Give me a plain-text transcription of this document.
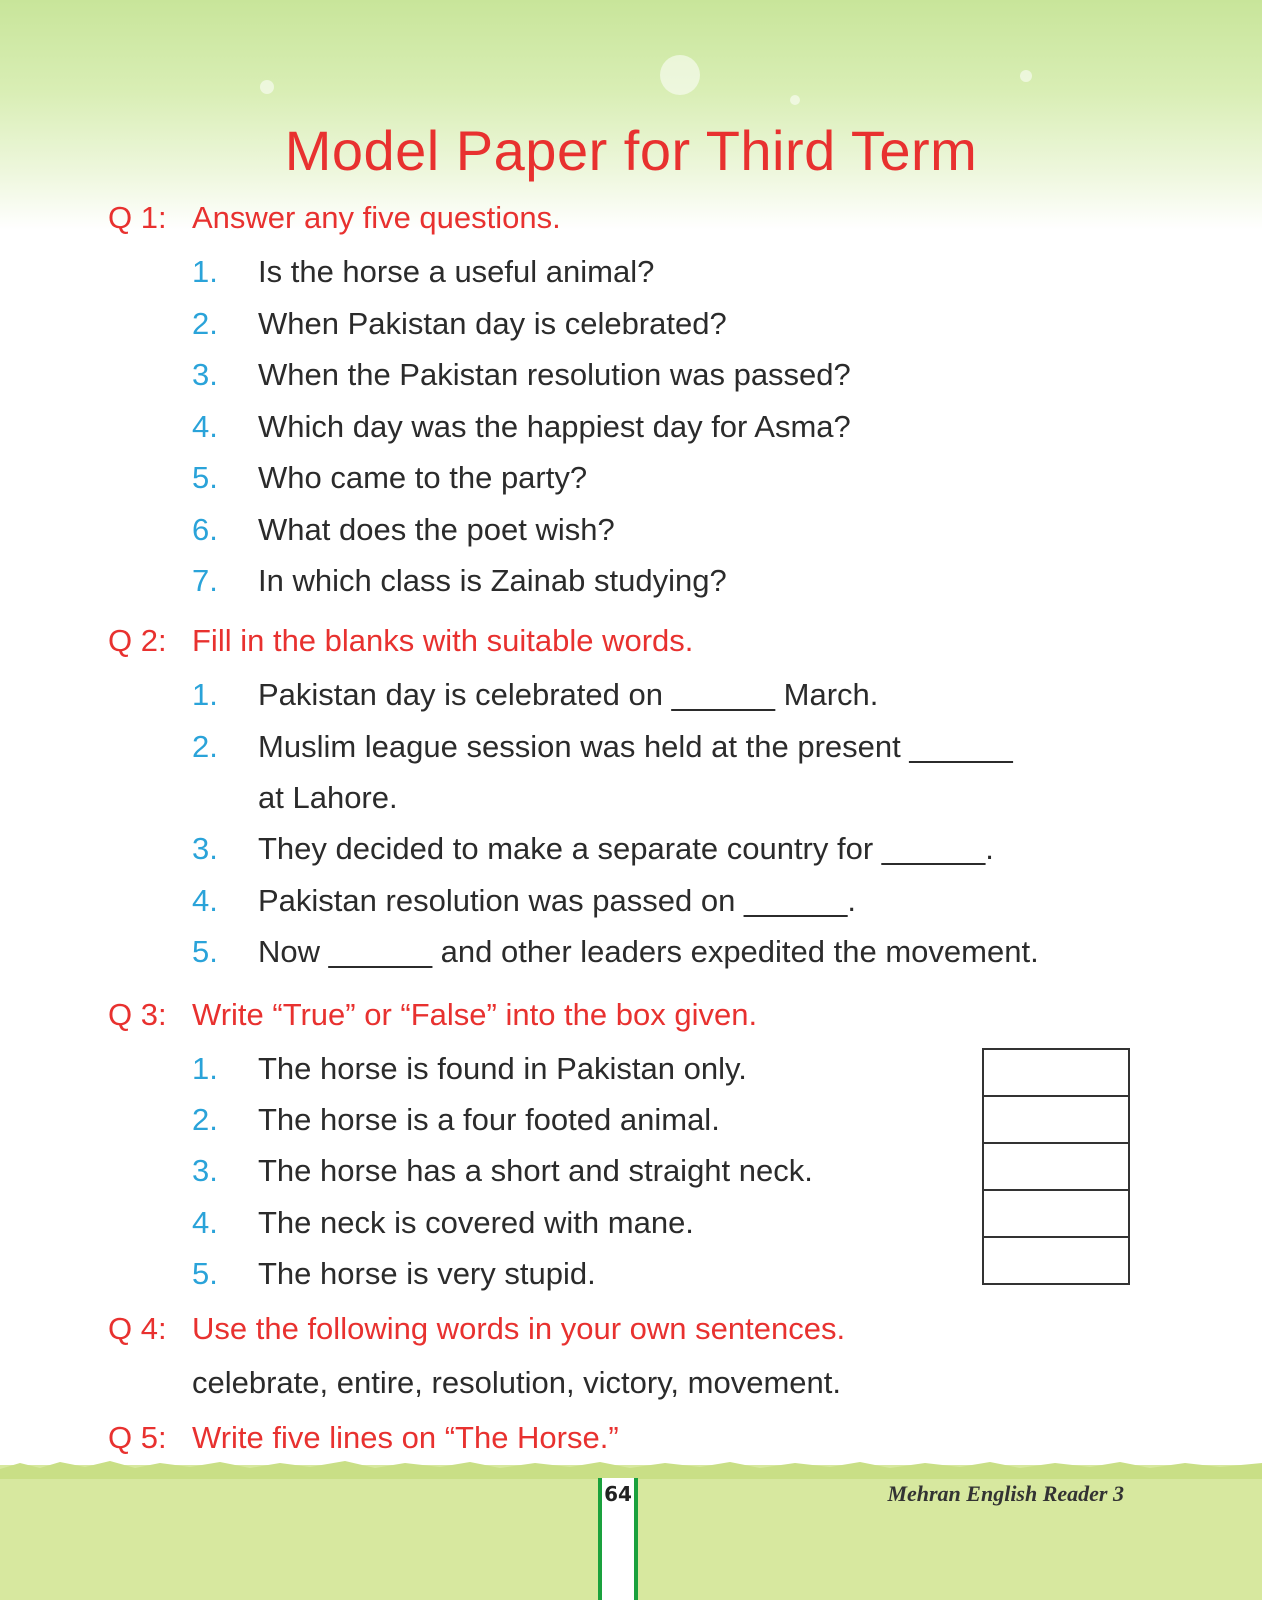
Model Paper for Third Term
Q 1: Answer any five questions.
1. Is the horse a useful animal?
2. When Pakistan day is celebrated?
3. When the Pakistan resolution was passed?
4. Which day was the happiest day for Asma?
5. Who came to the party?
6. What does the poet wish?
7. In which class is Zainab studying?
Q 2: Fill in the blanks with suitable words.
1. Pakistan day is celebrated on ______ March.
2. Muslim league session was held at the present ______
at Lahore.
3. They decided to make a separate country for ______.
4. Pakistan resolution was passed on ______.
5. Now ______ and other leaders expedited the movement.
Q 3: Write “True” or “False” into the box given.
1. The horse is found in Pakistan only.
2. The horse is a four footed animal.
3. The horse has a short and straight neck.
4. The neck is covered with mane.
5. The horse is very stupid.
Q 4: Use the following words in your own sentences.
celebrate, entire, resolution, victory, movement.
Q 5: Write five lines on “The Horse.”
64	Mehran English Reader 3
